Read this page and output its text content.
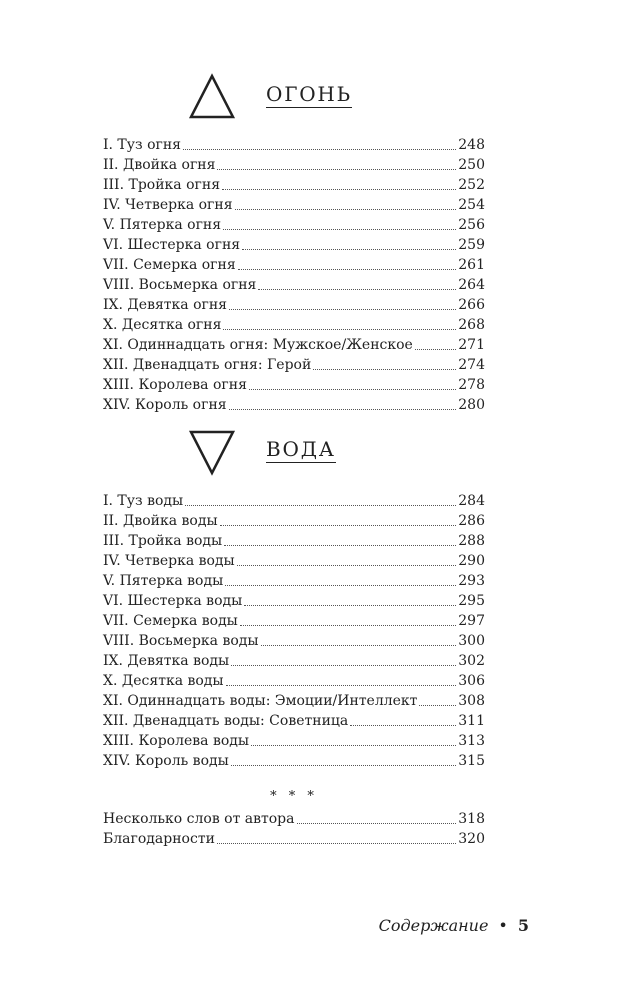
ОГОНЬ
I. Туз огня	248
II. Двойка огня	250
III. Тройка огня	252
IV. Четверка огня	254
V. Пятерка огня	256
VI. Шестерка огня	259
VII. Семерка огня	261
VIII. Восьмерка огня	264
IX. Девятка огня	266
X. Десятка огня	268
XI. Одиннадцать огня: Мужское/Женское	271
XII. Двенадцать огня: Герой	274
XIII. Королева огня	278
XIV. Король огня	280
ВОДА
I. Туз воды	284
II. Двойка воды	286
III. Тройка воды	288
IV. Четверка воды	290
V. Пятерка воды	293
VI. Шестерка воды	295
VII. Семерка воды	297
VIII. Восьмерка воды	300
IX. Девятка воды	302
X. Десятка воды	306
XI. Одиннадцать воды: Эмоции/Интеллект	308
XII. Двенадцать воды: Советница	311
XIII. Королева воды	313
XIV. Король воды	315
* * *
Несколько слов от автора	318
Благодарности	320
Содержание • 5
